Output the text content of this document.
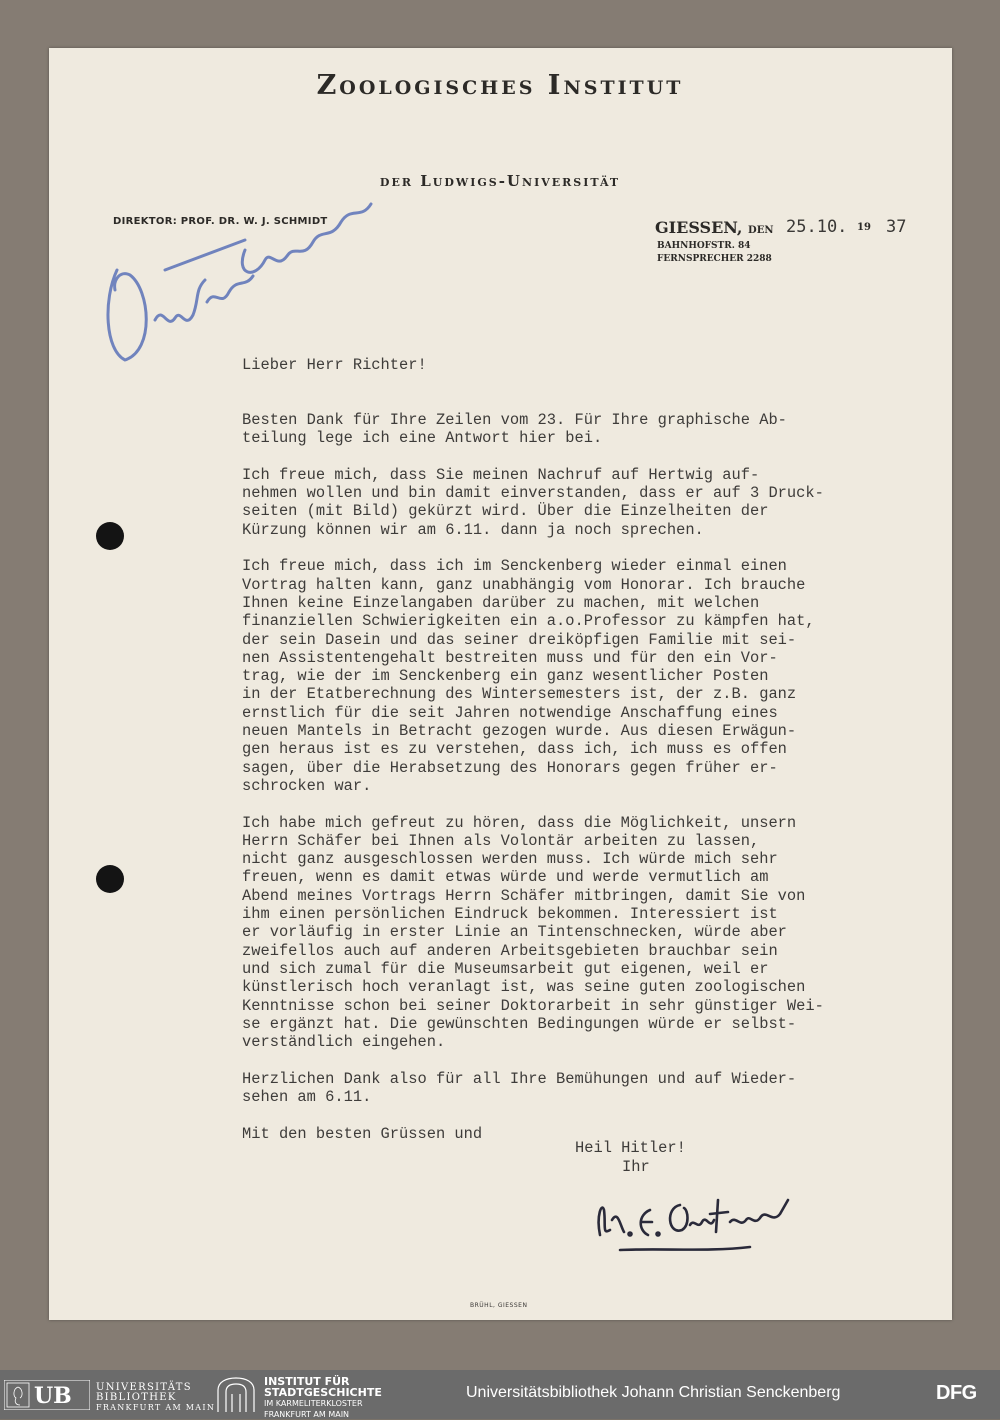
Zoologisches Institut
der Ludwigs-Universität
DIREKTOR: PROF. DR. W. J. SCHMIDT	GIESSEN, DEN 25.10. 19 37
BAHNHOFSTR. 84
FERNSPRECHER 2288
Lieber Herr Richter!
Besten Dank für Ihre Zeilen vom 23. Für Ihre graphische Ab-
teilung lege ich eine Antwort hier bei.

Ich freue mich, dass Sie meinen Nachruf auf Hertwig auf-
nehmen wollen und bin damit einverstanden, dass er auf 3 Druck-
seiten (mit Bild) gekürzt wird. Über die Einzelheiten der
Kürzung können wir am 6.11. dann ja noch sprechen.

Ich freue mich, dass ich im Senckenberg wieder einmal einen
Vortrag halten kann, ganz unabhängig vom Honorar. Ich brauche
Ihnen keine Einzelangaben darüber zu machen, mit welchen
finanziellen Schwierigkeiten ein a.o.Professor zu kämpfen hat,
der sein Dasein und das seiner dreiköpfigen Familie mit sei-
nen Assistentengehalt bestreiten muss und für den ein Vor-
trag, wie der im Senckenberg ein ganz wesentlicher Posten
in der Etatberechnung des Wintersemesters ist, der z.B. ganz
ernstlich für die seit Jahren notwendige Anschaffung eines
neuen Mantels in Betracht gezogen wurde. Aus diesen Erwägun-
gen heraus ist es zu verstehen, dass ich, ich muss es offen
sagen, über die Herabsetzung des Honorars gegen früher er-
schrocken war.

Ich habe mich gefreut zu hören, dass die Möglichkeit, unsern
Herrn Schäfer bei Ihnen als Volontär arbeiten zu lassen,
nicht ganz ausgeschlossen werden muss. Ich würde mich sehr
freuen, wenn es damit etwas würde und werde vermutlich am
Abend meines Vortrags Herrn Schäfer mitbringen, damit Sie von
ihm einen persönlichen Eindruck bekommen. Interessiert ist
er vorläufig in erster Linie an Tintenschnecken, würde aber
zweifellos auch auf anderen Arbeitsgebieten brauchbar sein
und sich zumal für die Museumsarbeit gut eigenen, weil er
künstlerisch hoch veranlagt ist, was seine guten zoologischen
Kenntnisse schon bei seiner Doktorarbeit in sehr günstiger Wei-
se ergänzt hat. Die gewünschten Bedingungen würde er selbst-
verständlich eingehen.

Herzlichen Dank also für all Ihre Bemühungen und auf Wieder-
sehen am 6.11.

Mit den besten Grüssen und
Heil Hitler!
Ihr
BRÜHL, GIESSEN
UB UNIVERSITÄTS
BIBLIOTHEK
FRANKFURT AM MAIN
INSTITUT FÜR
STADTGESCHICHTE
IM KARMELITERKLOSTER
FRANKFURT AM MAIN
Universitätsbibliothek Johann Christian Senckenberg	DFG
